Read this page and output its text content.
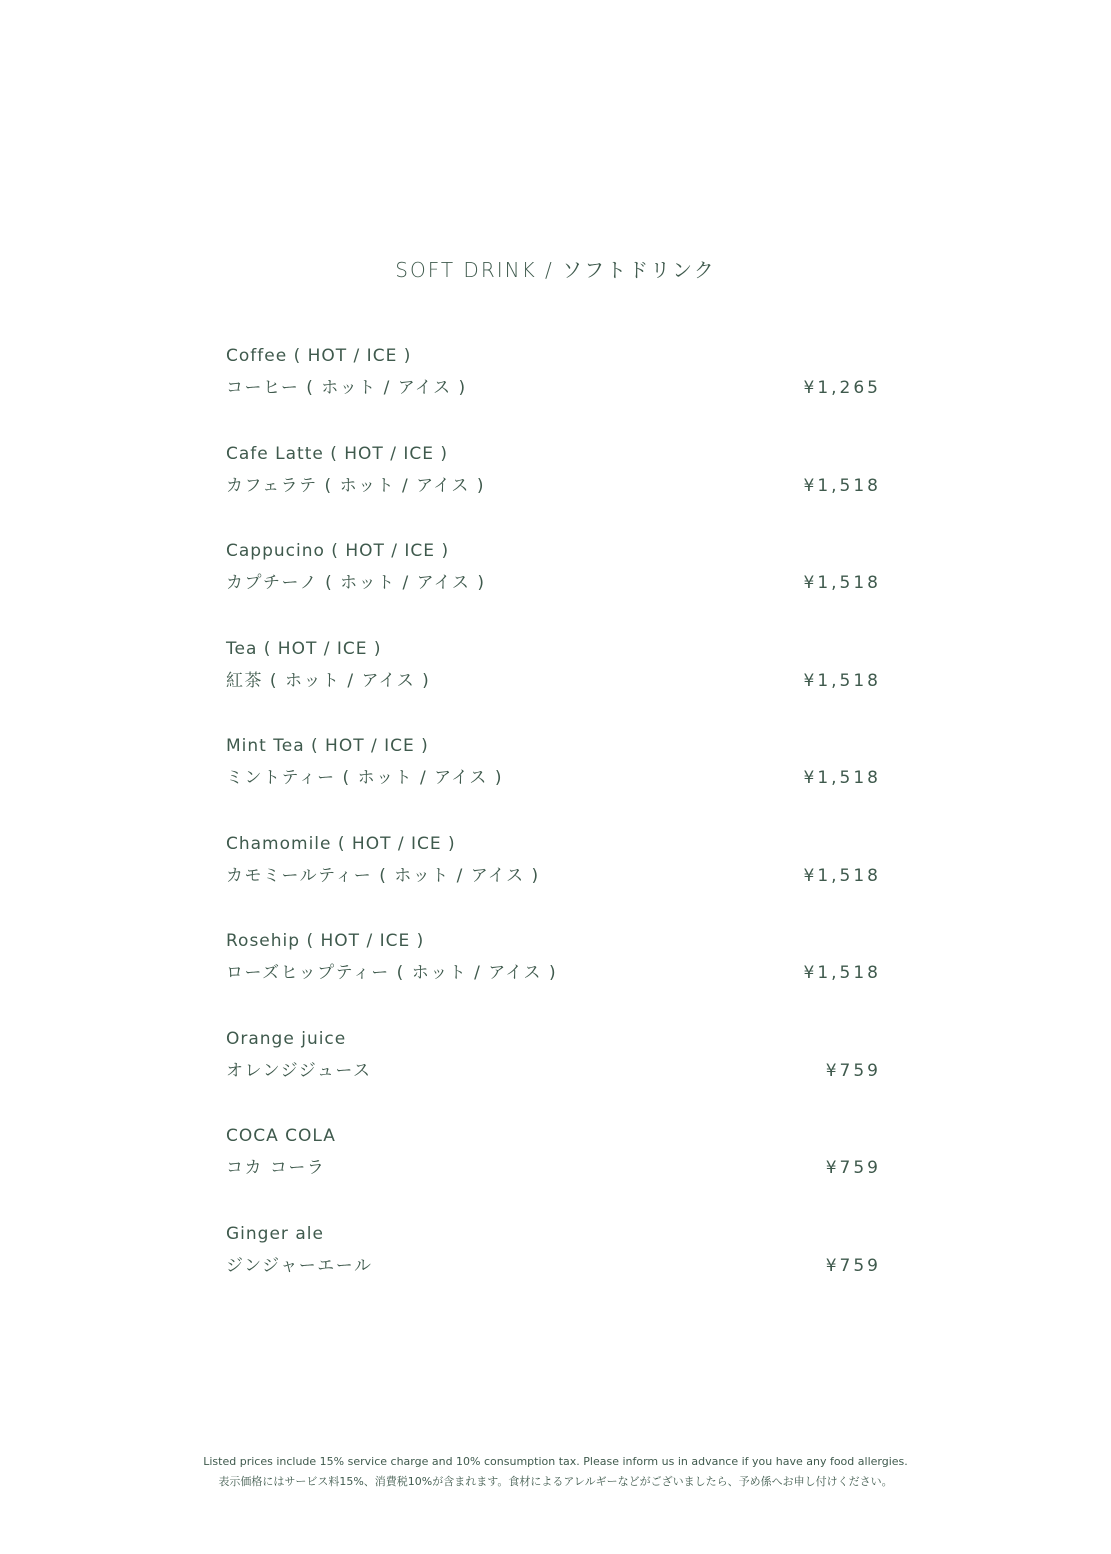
SOFT DRINK / ソフトドリンク
Coffee ( HOT / ICE )
コーヒー ( ホット / アイス )	¥1,265
Cafe Latte ( HOT / ICE )
カフェラテ ( ホット / アイス )	¥1,518
Cappucino ( HOT / ICE )
カプチーノ ( ホット / アイス )	¥1,518
Tea ( HOT / ICE )
紅茶 ( ホット / アイス )	¥1,518
Mint Tea ( HOT / ICE )
ミントティー ( ホット / アイス )	¥1,518
Chamomile ( HOT / ICE )
カモミールティー ( ホット / アイス )	¥1,518
Rosehip ( HOT / ICE )
ローズヒップティー ( ホット / アイス )	¥1,518
Orange juice
オレンジジュース	¥759
COCA COLA
コカ コーラ	¥759
Ginger ale
ジンジャーエール	¥759
Listed prices include 15% service charge and 10% consumption tax. Please inform us in advance if you have any food allergies.
表示価格にはサービス料15%、消費税10%が含まれます。食材によるアレルギーなどがございましたら、予め係へお申し付けください。
